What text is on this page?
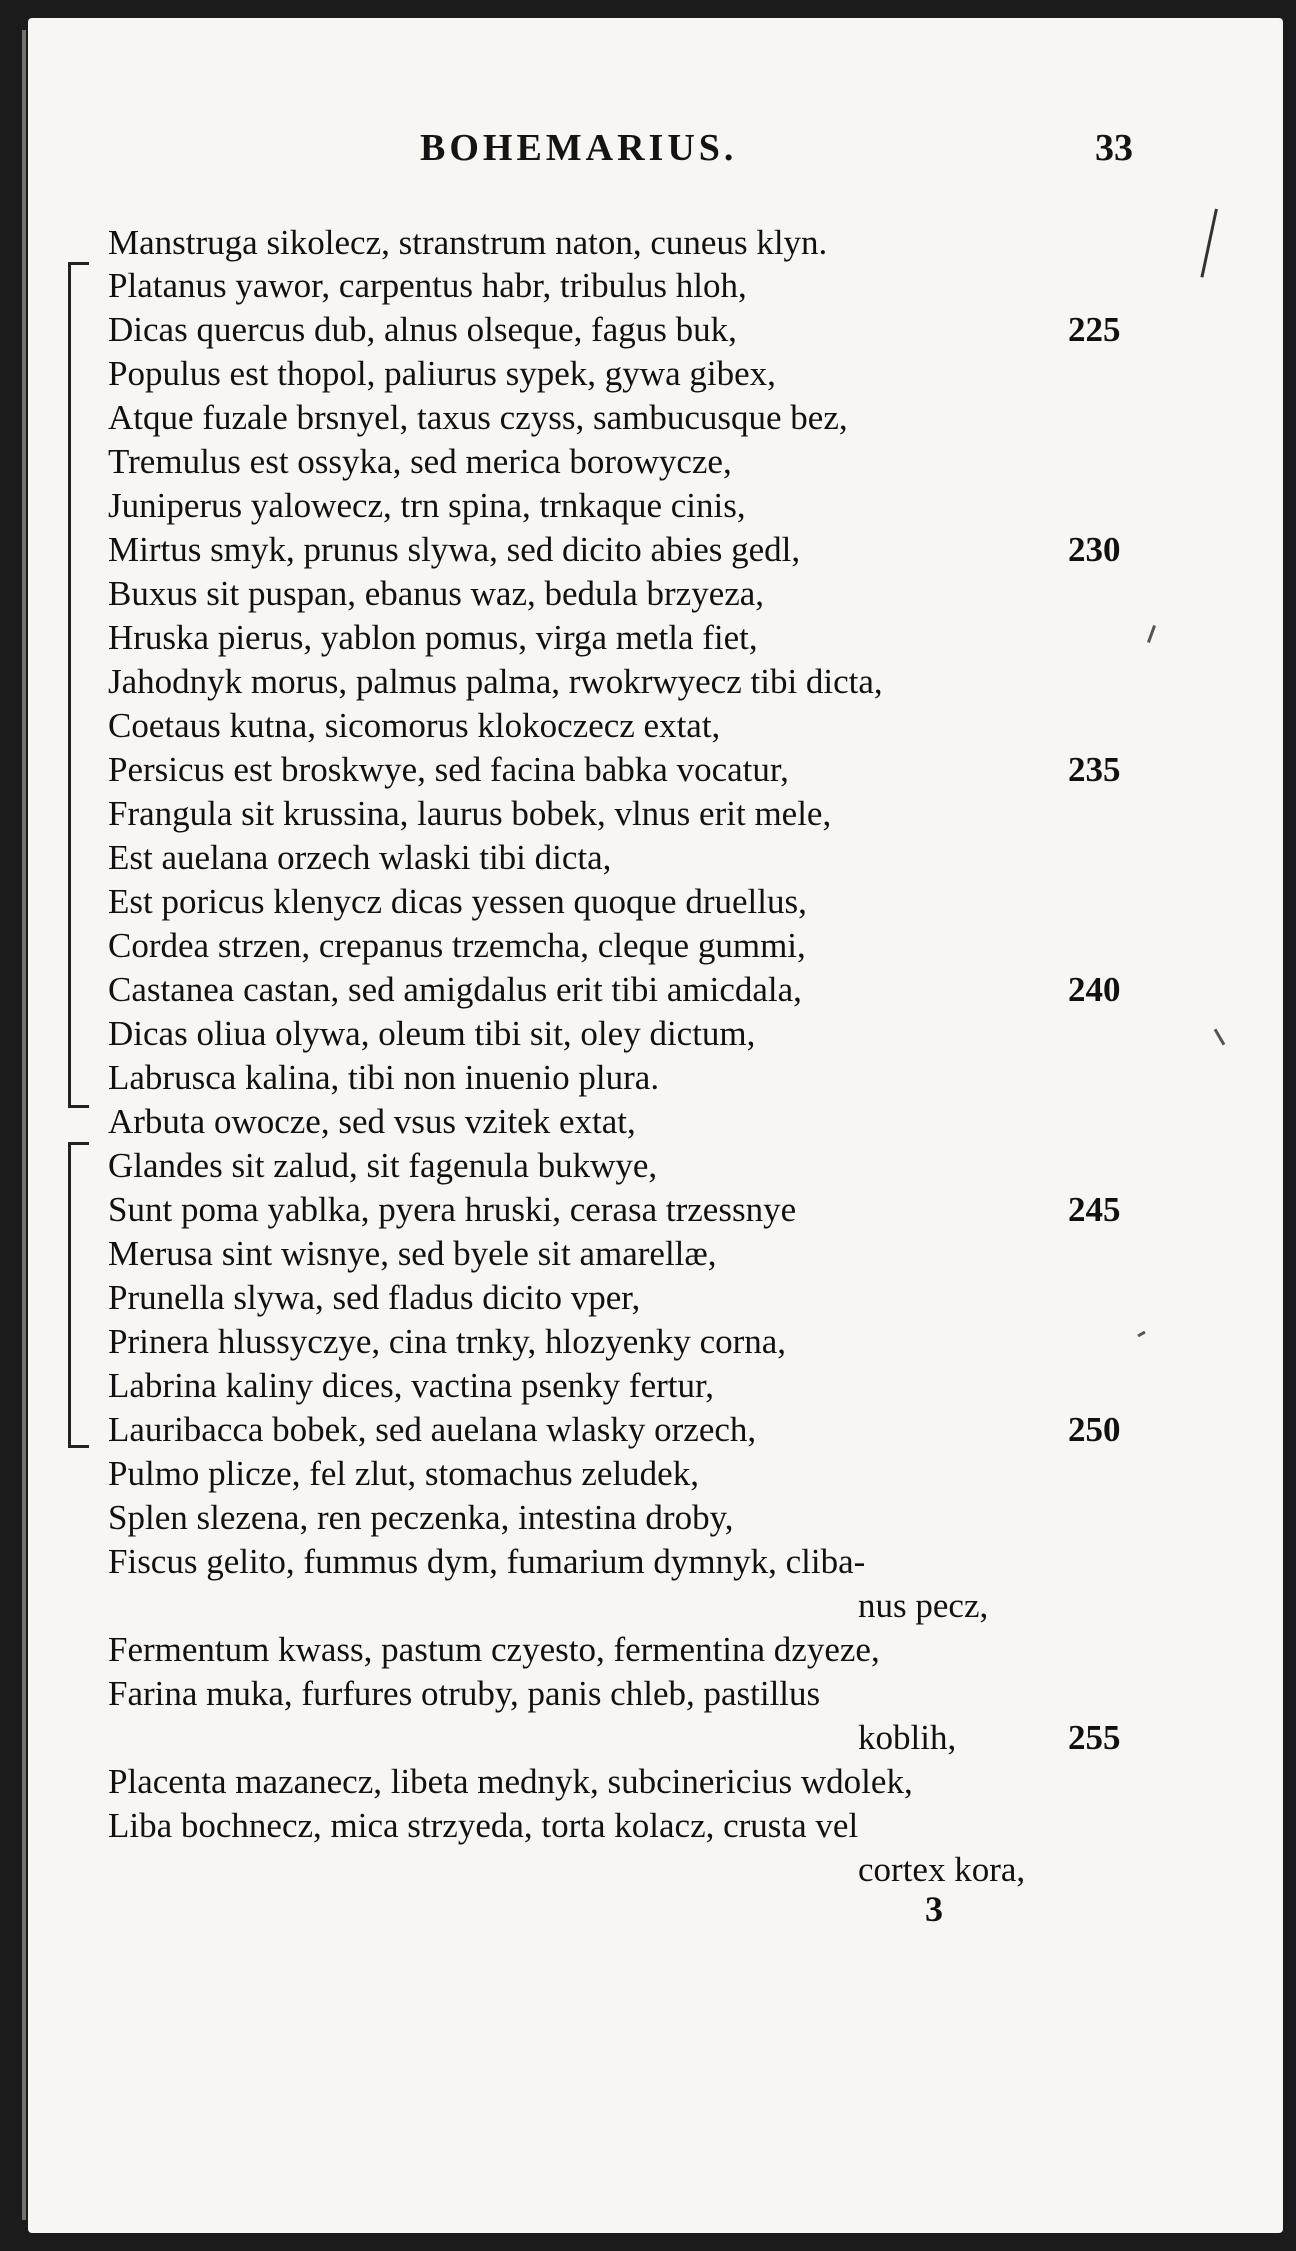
BOHEMARIUS.	33
Manstruga sikolecz, stranstrum naton, cuneus klyn.
Platanus yawor, carpentus habr, tribulus hloh,
Dicas quercus dub, alnus olseque, fagus buk,
Populus est thopol, paliurus sypek, gywa gibex,
Atque fuzale brsnyel, taxus czyss, sambucusque bez,
Tremulus est ossyka, sed merica borowycze,
Juniperus yalowecz, trn spina, trnkaque cinis,
Mirtus smyk, prunus slywa, sed dicito abies gedl,
Buxus sit puspan, ebanus waz, bedula brzyeza,
Hruska pierus, yablon pomus, virga metla fiet,
Jahodnyk morus, palmus palma, rwokrwyecz tibi dicta,
Coetaus kutna, sicomorus klokoczecz extat,
Persicus est broskwye, sed facina babka vocatur,
Frangula sit krussina, laurus bobek, vlnus erit mele,
Est auelana orzech wlaski tibi dicta,
Est poricus klenycz dicas yessen quoque druellus,
Cordea strzen, crepanus trzemcha, cleque gummi,
Castanea castan, sed amigdalus erit tibi amicdala,
Dicas oliua olywa, oleum tibi sit, oley dictum,
Labrusca kalina, tibi non inuenio plura.
Arbuta owocze, sed vsus vzitek extat,
Glandes sit zalud, sit fagenula bukwye,
Sunt poma yablka, pyera hruski, cerasa trzessnye
Merusa sint wisnye, sed byele sit amarellæ,
Prunella slywa, sed fladus dicito vper,
Prinera hlussyczye, cina trnky, hlozyenky corna,
Labrina kaliny dices, vactina psenky fertur,
Lauribacca bobek, sed auelana wlasky orzech,
Pulmo plicze, fel zlut, stomachus zeludek,
Splen slezena, ren peczenka, intestina droby,
Fiscus gelito, fummus dym, fumarium dymnyk, cliba-
nus pecz,
Fermentum kwass, pastum czyesto, fermentina dzyeze,
Farina muka, furfures otruby, panis chleb, pastillus
koblih,
Placenta mazanecz, libeta mednyk, subcinericius wdolek,
Liba bochnecz, mica strzyeda, torta kolacz, crusta vel
cortex kora,
225
230
235
240
245
250
255
3
